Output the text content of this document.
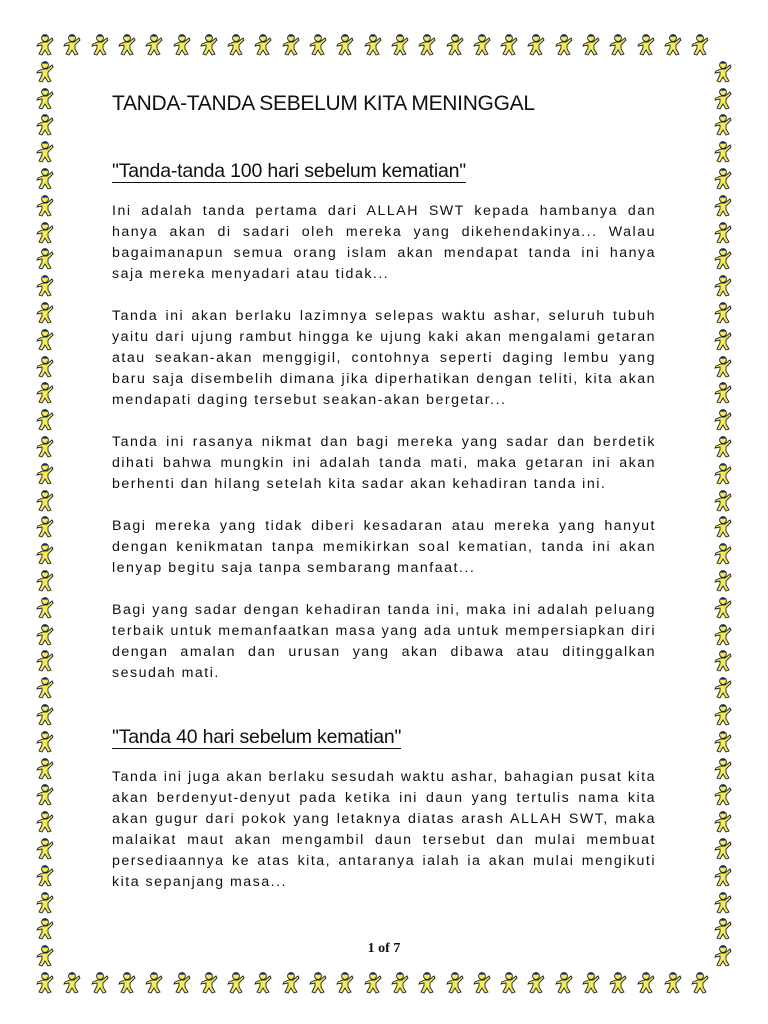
TANDA-TANDA SEBELUM KITA MENINGGAL
"Tanda-tanda 100 hari sebelum kematian"

Ini adalah tanda pertama dari ALLAH SWT kepada hambanya dan hanya akan di sadari oleh mereka yang dikehendakinya... Walau bagaimanapun semua orang islam akan mendapat tanda ini hanya saja mereka menyadari atau tidak...

Tanda ini akan berlaku lazimnya selepas waktu ashar, seluruh tubuh yaitu dari ujung rambut hingga ke ujung kaki akan mengalami getaran atau seakan-akan menggigil, contohnya seperti daging lembu yang baru saja disembelih dimana jika diperhatikan dengan teliti, kita akan mendapati daging tersebut seakan-akan bergetar...

Tanda ini rasanya nikmat dan bagi mereka yang sadar dan berdetik dihati bahwa mungkin ini adalah tanda mati, maka getaran ini akan berhenti dan hilang setelah kita sadar akan kehadiran tanda ini.

Bagi mereka yang tidak diberi kesadaran atau mereka yang hanyut dengan kenikmatan tanpa memikirkan soal kematian, tanda ini akan lenyap begitu saja tanpa sembarang manfaat...

Bagi yang sadar dengan kehadiran tanda ini, maka ini adalah peluang terbaik untuk memanfaatkan masa yang ada untuk mempersiapkan diri dengan amalan dan urusan yang akan dibawa atau ditinggalkan sesudah mati.

"Tanda 40 hari sebelum kematian"

Tanda ini juga akan berlaku sesudah waktu ashar, bahagian pusat kita akan berdenyut-denyut pada ketika ini daun yang tertulis nama kita akan gugur dari pokok yang letaknya diatas arash ALLAH SWT, maka malaikat maut akan mengambil daun tersebut dan mulai membuat persediaannya ke atas kita, antaranya ialah ia akan mulai mengikuti kita sepanjang masa...

1 of 7
